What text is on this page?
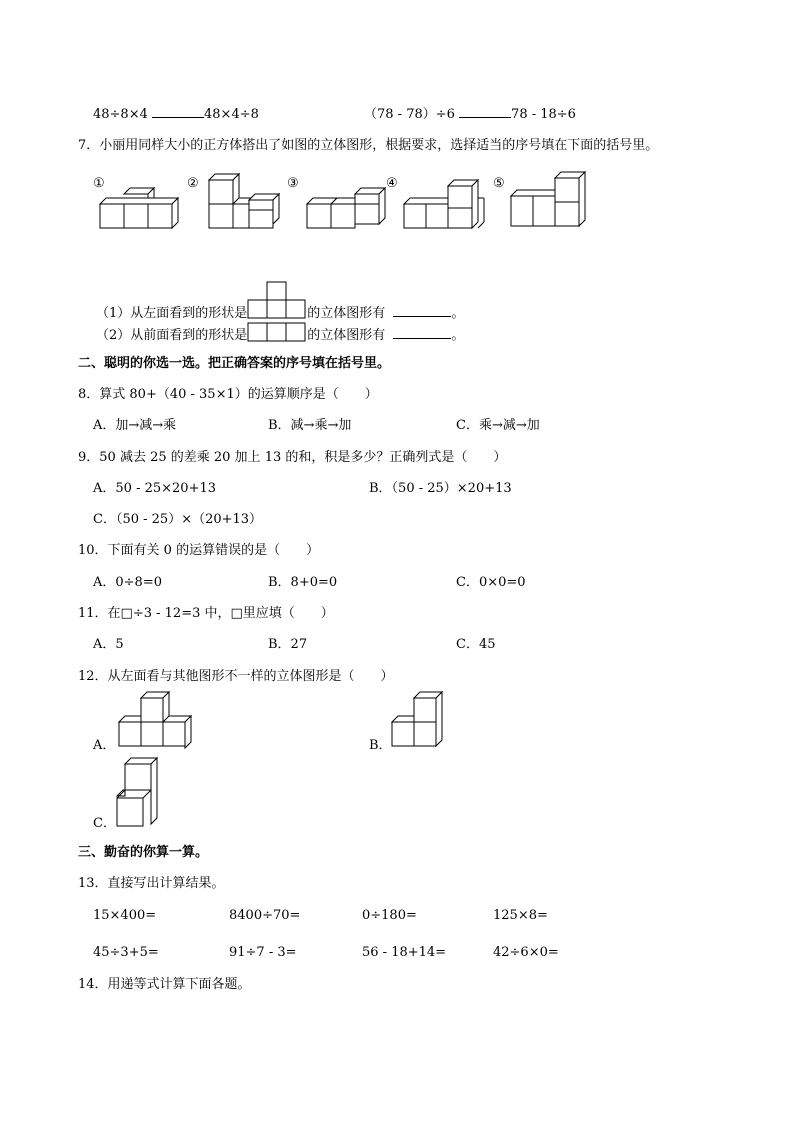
48÷8×4	48×4÷8	（78 - 78）÷6	78 - 18÷6
7．小丽用同样大小的正方体搭出了如图的立体图形，根据要求，选择适当的序号填在下面的括号里。
①	②	③	④	⑤
（1）从左面看到的形状是	的立体图形有	。
（2）从前面看到的形状是	的立体图形有	。
二、聪明的你选一选。把正确答案的序号填在括号里。
8．算式 80+（40 - 35×1）的运算顺序是（　　）
A．加→减→乘	B．减→乘→加	C．乘→减→加
9．50 减去 25 的差乘 20 加上 13 的和，积是多少？正确列式是（　　）
A．50 - 25×20+13	B．（50 - 25）×20+13
C．（50 - 25）×（20+13）
10．下面有关 0 的运算错误的是（　　）
A．0÷8=0	B．8+0=0	C．0×0=0
11．在□÷3 - 12=3 中，□里应填（　　）
A．5	B．27	C．45
12．从左面看与其他图形不一样的立体图形是（　　）
A．	B．
C．
三、勤奋的你算一算。
13．直接写出计算结果。
15×400=	8400÷70=	0÷180=	125×8=
45÷3+5=	91÷7 - 3=	56 - 18+14=	42÷6×0=
14．用递等式计算下面各题。
